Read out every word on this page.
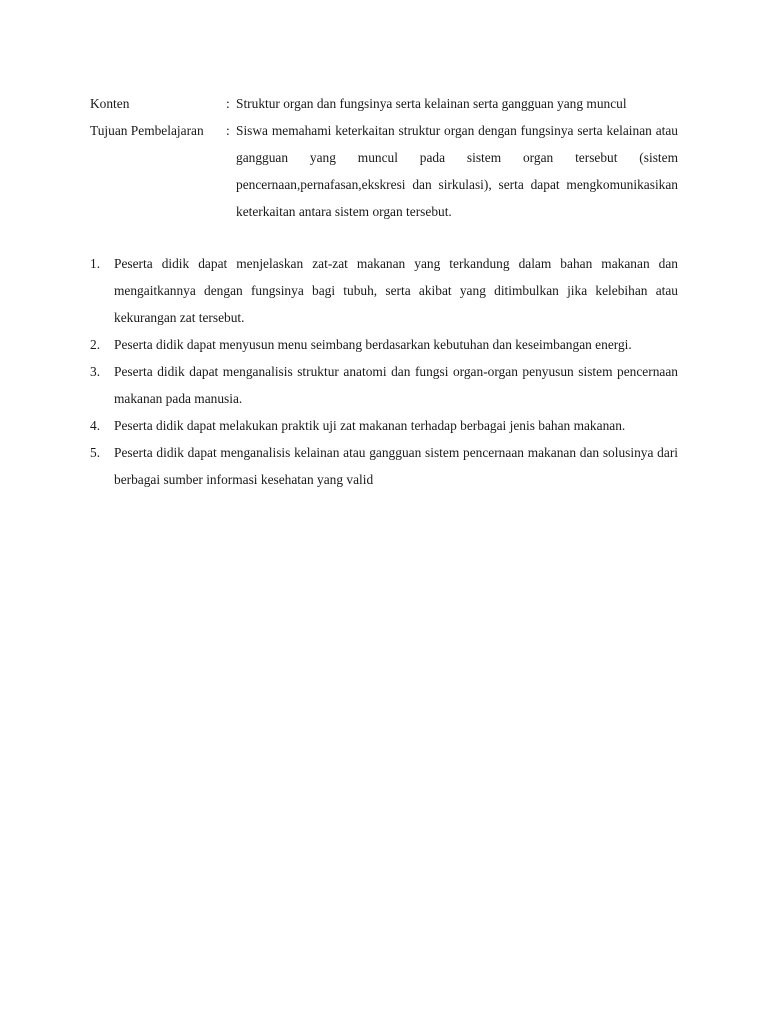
Konten	: Struktur organ dan fungsinya serta kelainan serta gangguan yang muncul
Tujuan Pembelajaran	: Siswa memahami keterkaitan struktur organ dengan fungsinya serta kelainan atau gangguan yang muncul pada sistem organ tersebut (sistem pencernaan,pernafasan,ekskresi dan sirkulasi), serta dapat mengkomunikasikan keterkaitan antara sistem organ tersebut.
1.	Peserta didik dapat menjelaskan zat-zat makanan yang terkandung dalam bahan makanan dan mengaitkannya dengan fungsinya bagi tubuh, serta akibat yang ditimbulkan jika kelebihan atau kekurangan zat tersebut.
2.	Peserta didik dapat menyusun menu seimbang berdasarkan kebutuhan dan keseimbangan energi.
3.	Peserta didik dapat menganalisis struktur anatomi dan fungsi organ-organ penyusun sistem pencernaan makanan pada manusia.
4.	Peserta didik dapat melakukan praktik uji zat makanan terhadap berbagai jenis bahan makanan.
5.	Peserta didik dapat menganalisis kelainan atau gangguan sistem pencernaan makanan dan solusinya dari berbagai sumber informasi kesehatan yang valid
